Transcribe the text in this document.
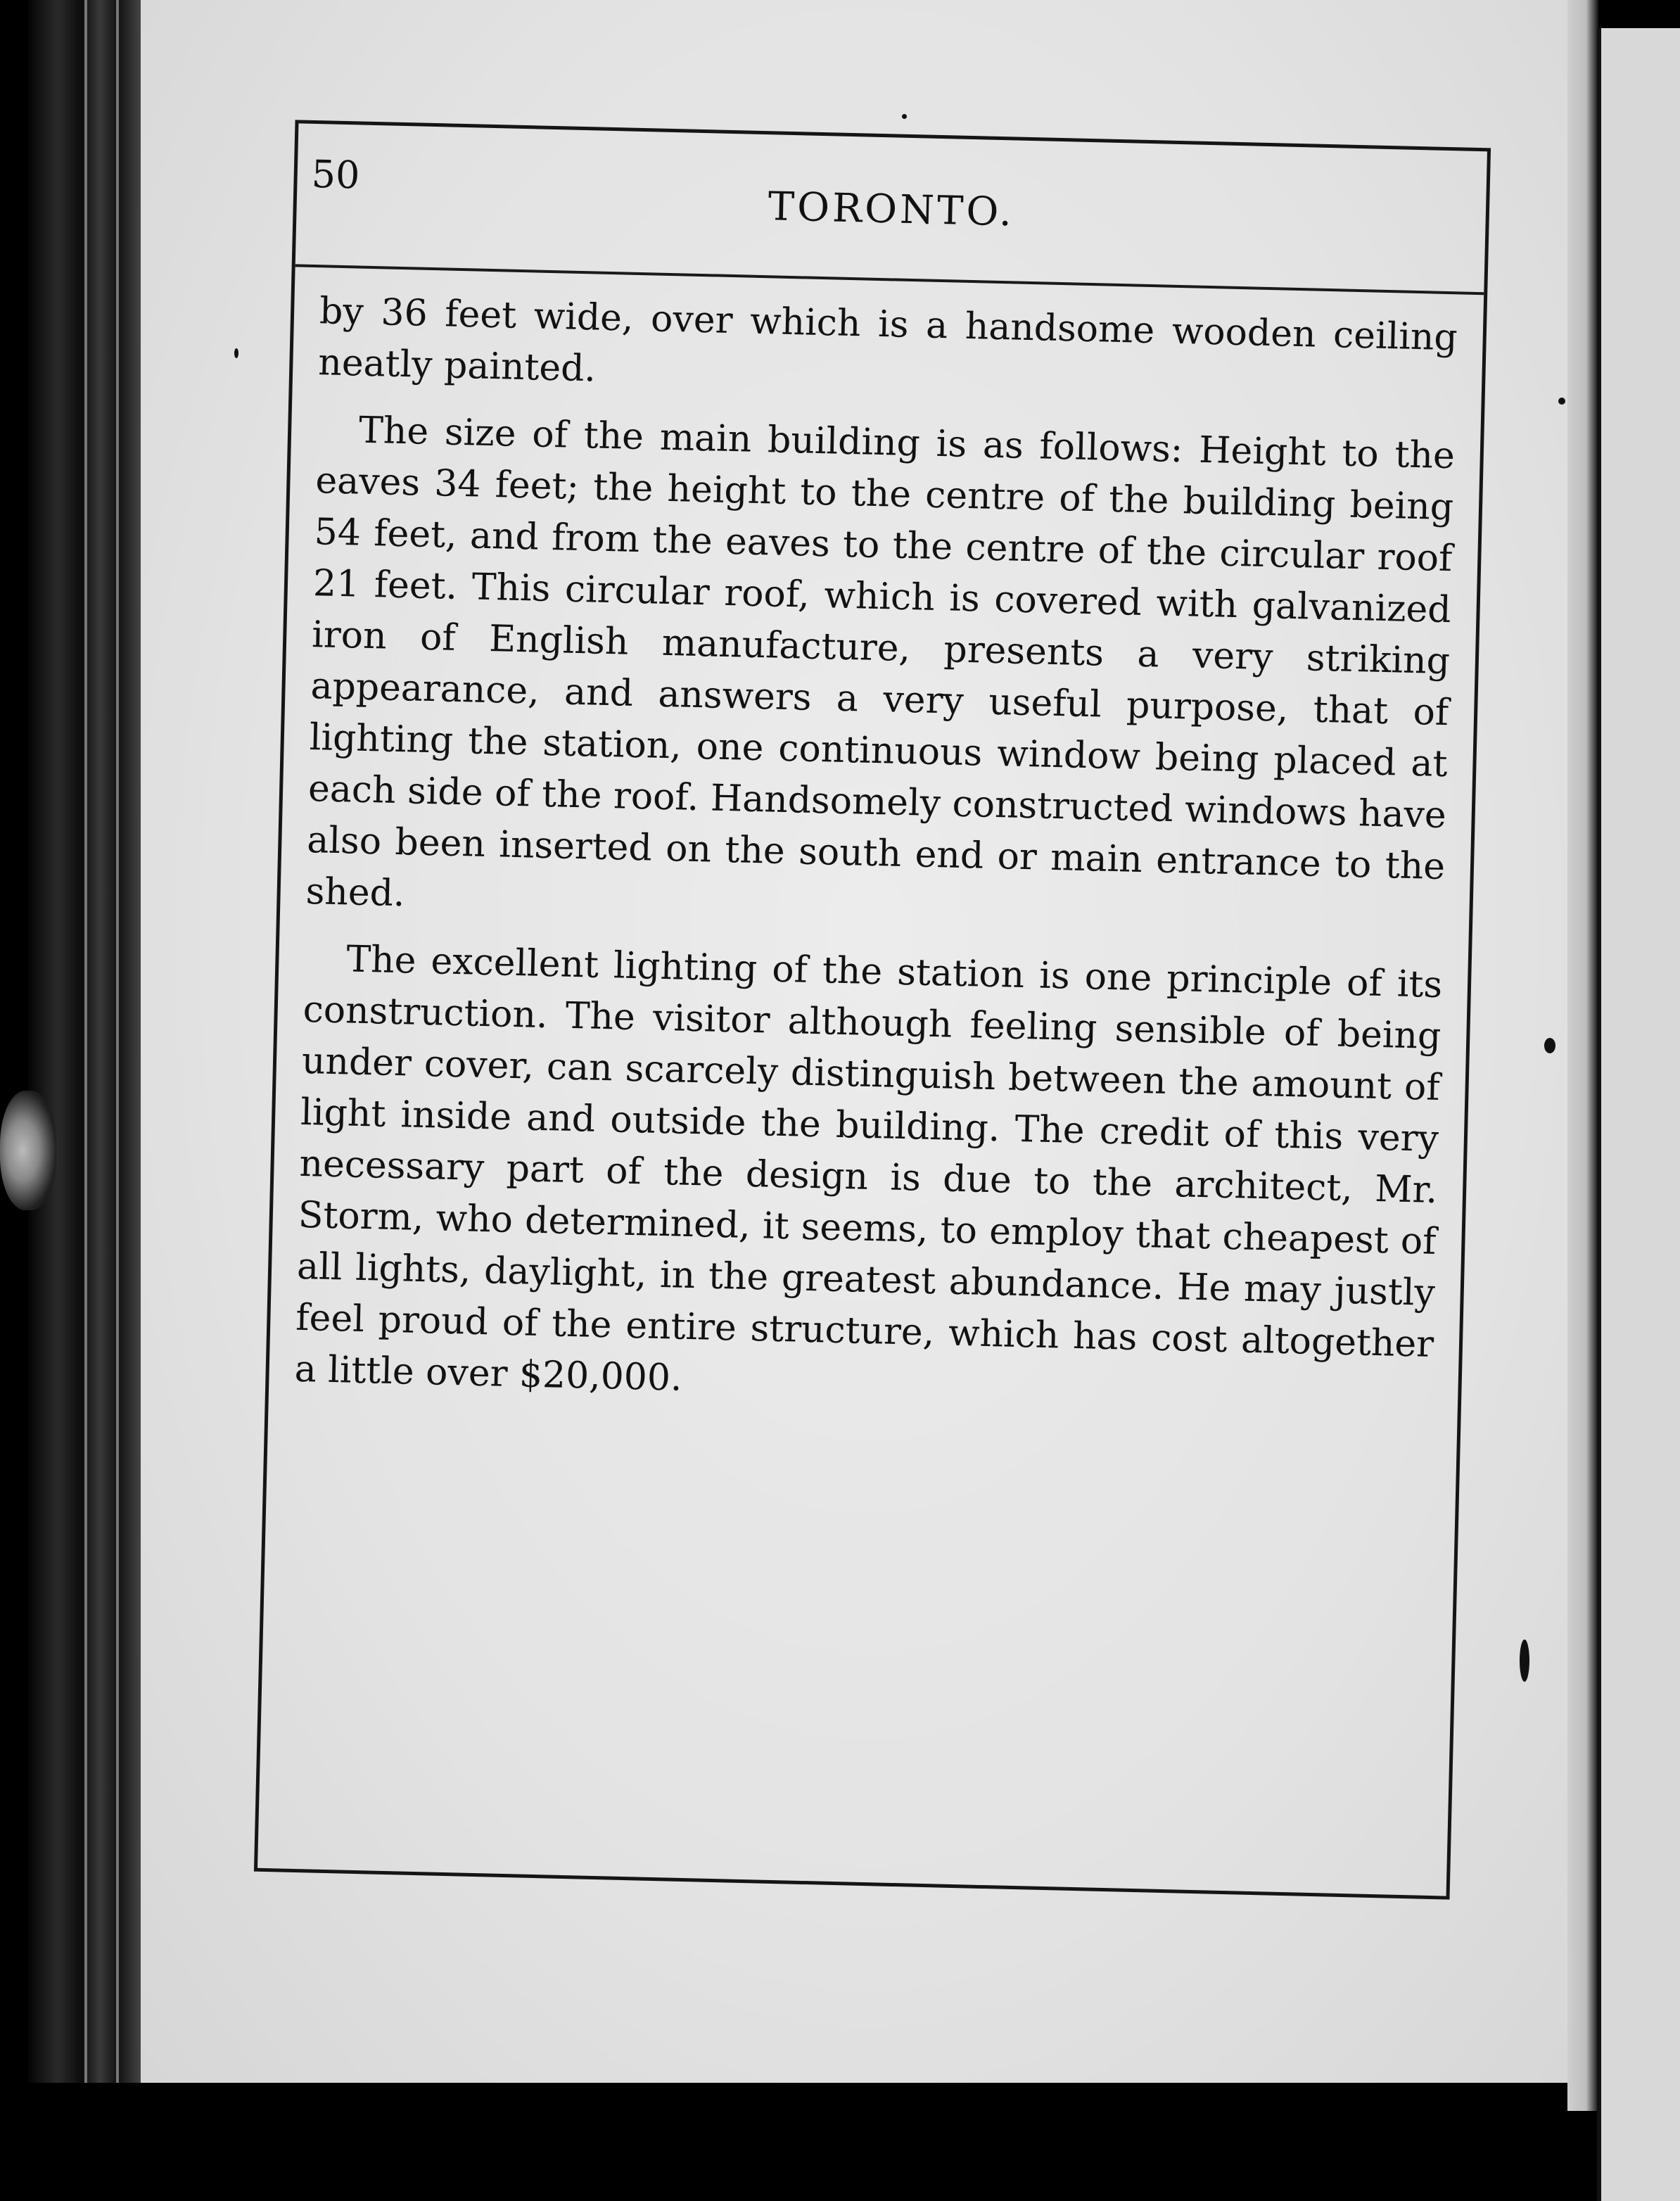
50

TORONTO.

by 36 feet wide, over which is a handsome wooden ceiling neatly painted.

The size of the main building is as follows: Height to the eaves 34 feet; the height to the centre of the building being 54 feet, and from the eaves to the centre of the circular roof 21 feet. This circular roof, which is covered with galvanized iron of English manufacture, presents a very striking appearance, and answers a very useful purpose, that of lighting the station, one continuous window being placed at each side of the roof. Handsomely constructed windows have also been inserted on the south end or main entrance to the shed.

The excellent lighting of the station is one principle of its construction. The visitor although feeling sensible of being under cover, can scarcely distinguish between the amount of light inside and outside the building. The credit of this very necessary part of the design is due to the architect, Mr. Storm, who determined, it seems, to employ that cheapest of all lights, daylight, in the greatest abundance. He may justly feel proud of the entire structure, which has cost altogether a little over $20,000.
